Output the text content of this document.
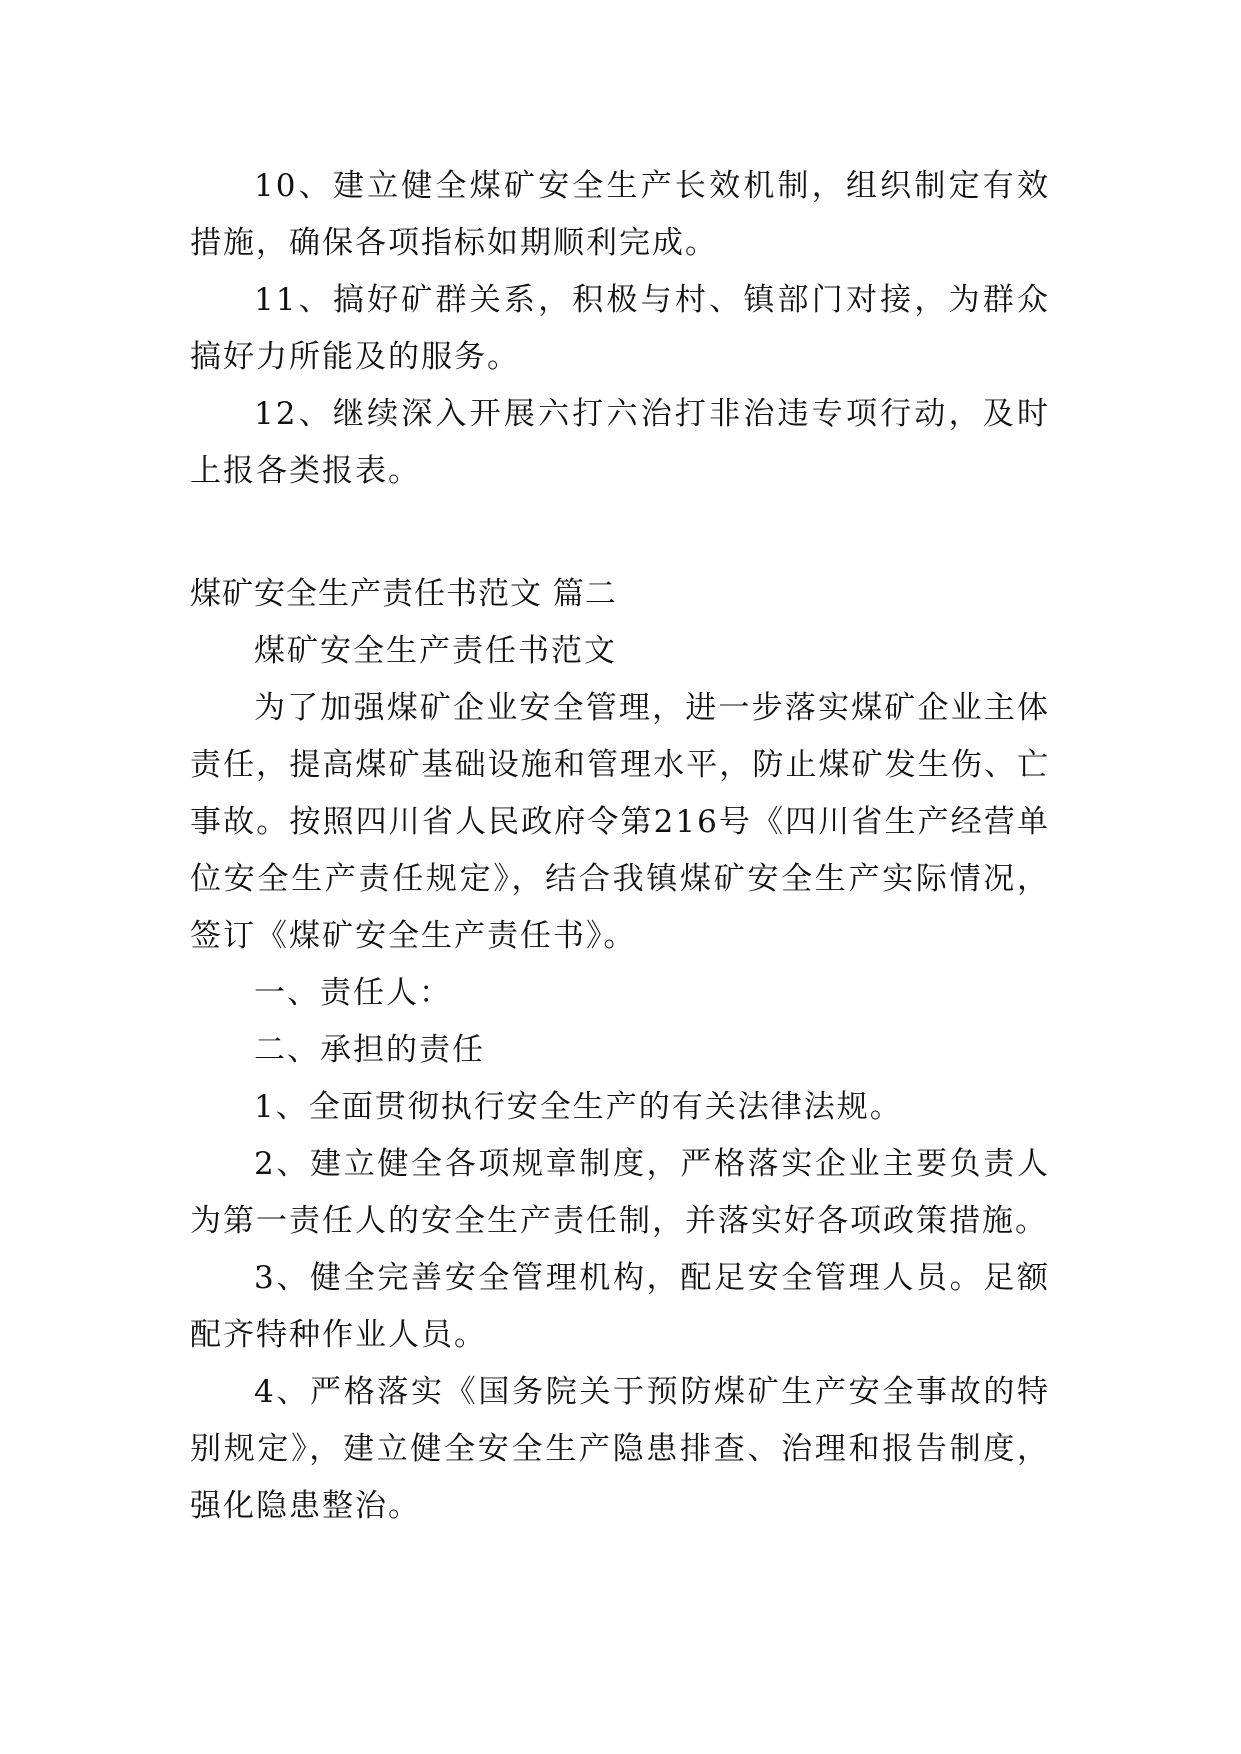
10、建立健全煤矿安全生产长效机制，组织制定有效措施，确保各项指标如期顺利完成。

11、搞好矿群关系，积极与村、镇部门对接，为群众搞好力所能及的服务。

12、继续深入开展六打六治打非治违专项行动，及时上报各类报表。

煤矿安全生产责任书范文 篇二

煤矿安全生产责任书范文

为了加强煤矿企业安全管理，进一步落实煤矿企业主体责任，提高煤矿基础设施和管理水平，防止煤矿发生伤、亡事故。按照四川省人民政府令第216号《四川省生产经营单位安全生产责任规定》，结合我镇煤矿安全生产实际情况，签订《煤矿安全生产责任书》。

一、责任人：

二、承担的责任

1、全面贯彻执行安全生产的有关法律法规。

2、建立健全各项规章制度，严格落实企业主要负责人为第一责任人的安全生产责任制，并落实好各项政策措施。

3、健全完善安全管理机构，配足安全管理人员。足额配齐特种作业人员。

4、严格落实《国务院关于预防煤矿生产安全事故的特别规定》，建立健全安全生产隐患排查、治理和报告制度，强化隐患整治。
